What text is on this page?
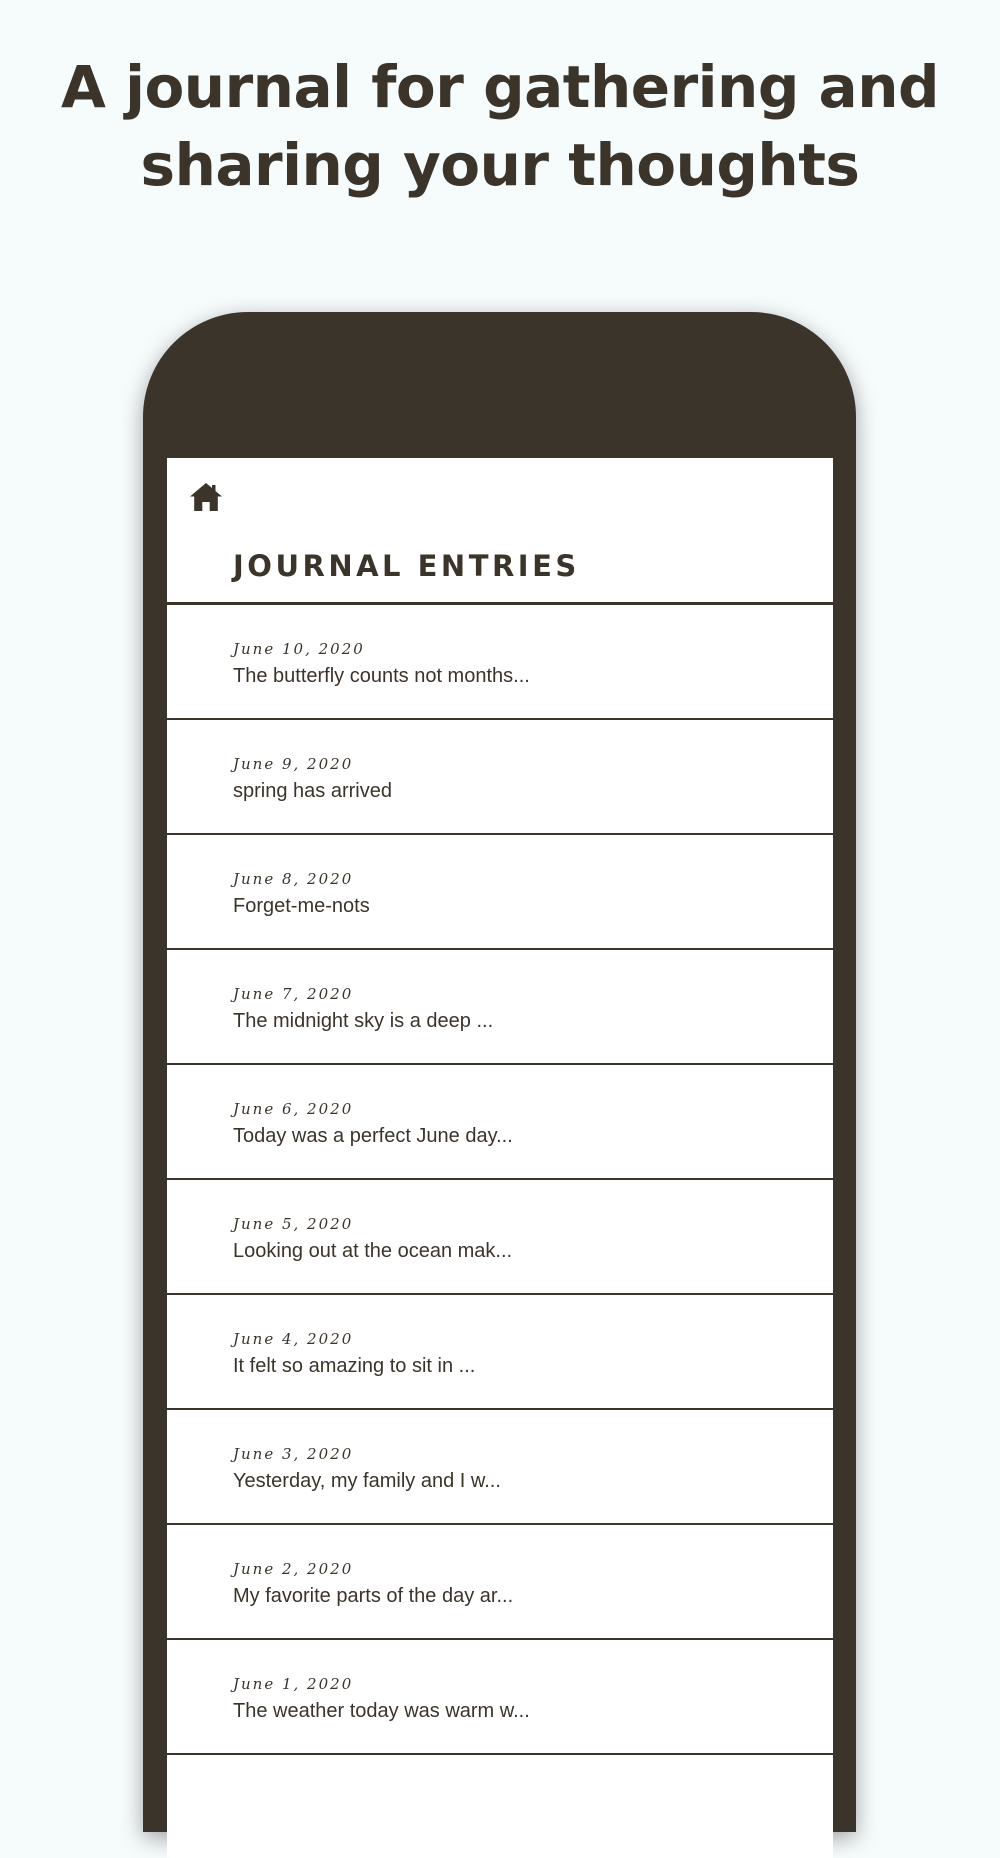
A journal for gathering and
sharing your thoughts
JOURNAL ENTRIES
June 10, 2020
The butterfly counts not months...
June 9, 2020
spring has arrived
June 8, 2020
Forget-me-nots
June 7, 2020
The midnight sky is a deep ...
June 6, 2020
Today was a perfect June day...
June 5, 2020
Looking out at the ocean mak...
June 4, 2020
It felt so amazing to sit in ...
June 3, 2020
Yesterday, my family and I w...
June 2, 2020
My favorite parts of the day ar...
June 1, 2020
The weather today was warm w...
